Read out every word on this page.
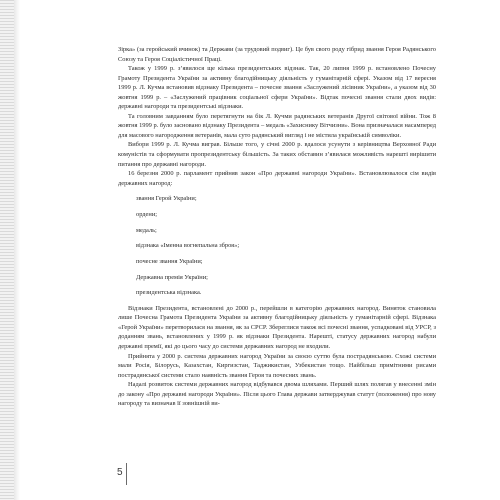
Зірка» (за геройський вчинок) та Держави (за трудовий подвиг). Це був свого роду гібрид звання Героя Радянського Союзу та Героя Соціалістичної Праці.

Також у 1999 р. з’явилося ще кілька президентських відзнак. Так, 20 липня 1999 р. встановлено Почесну Грамоту Президента України за активну благодійницьку діяльність у гуманітарній сфері. Указом від 17 вересня 1999 р. Л. Кучма встановив відзнаку Президента – почесне звання «Заслужений лісівник України», а указом від 30 жовтня 1999 р. – «Заслужений працівник соціальної сфери України». Відтак почесні звання стали двох видів: державні нагороди та президентські відзнаки.

Та головним завданням було перетягнути на бік Л. Кучми радянських ветеранів Другої світової війни. Тож 8 жовтня 1999 р. було засновано відзнаку Президента – медаль «Захиснику Вітчизни». Вона призначалася насамперед для масового нагородження ветеранів, мала суто радянський вигляд і не містила українській символіки.

Вибори 1999 р. Л. Кучма виграв. Більше того, у січні 2000 р. вдалося усунути з керівництва Верховної Ради комуністів та сформувати пропрезидентську більшість. За таких обставин з’явилася можливість нарешті вирішити питання про державні нагороди.

16 березня 2000 р. парламент прийняв закон «Про державні нагороди України». Встановлювалося сім видів державних нагород:

звання Герой України;

ордени;

медаль;

відзнака «Іменна вогнепальна зброя»;

почесне звання України;

Державна премія України;

президентська відзнака.

Відзнаки Президента, встановлені до 2000 р., перейшли в категорію державних нагород. Виняток становила лише Почесна Грамота Президента України за активну благодійницьку діяльність у гуманітарній сфері. Відзнака «Герой України» перетворилася на звання, як за СРСР. Збереглися також всі почесні звання, успадковані від УРСР, з доданням звань, встановлених у 1999 р. як відзнаки Президента. Нарешті, статусу державних нагород набули державні премії, які до цього часу до системи державних нагород не входили.

Прийнята у 2000 р. система державних нагород України за своєю суттю була пострадянською. Схожі системи мали Росія, Білорусь, Казахстан, Киргизстан, Таджикистан, Узбекистан тощо. Найбільш примітними рисами пострадянської системи стало наявність звання Героя та почесних звань.

Надалі розвиток системи державних нагород відбувався двома шляхами. Перший шлях полягав у внесенні змін до закону «Про державні нагороди України». Після цього Глава держави затверджував статут (положення) про нову нагороду та визначав її зовнішній ви-

5
